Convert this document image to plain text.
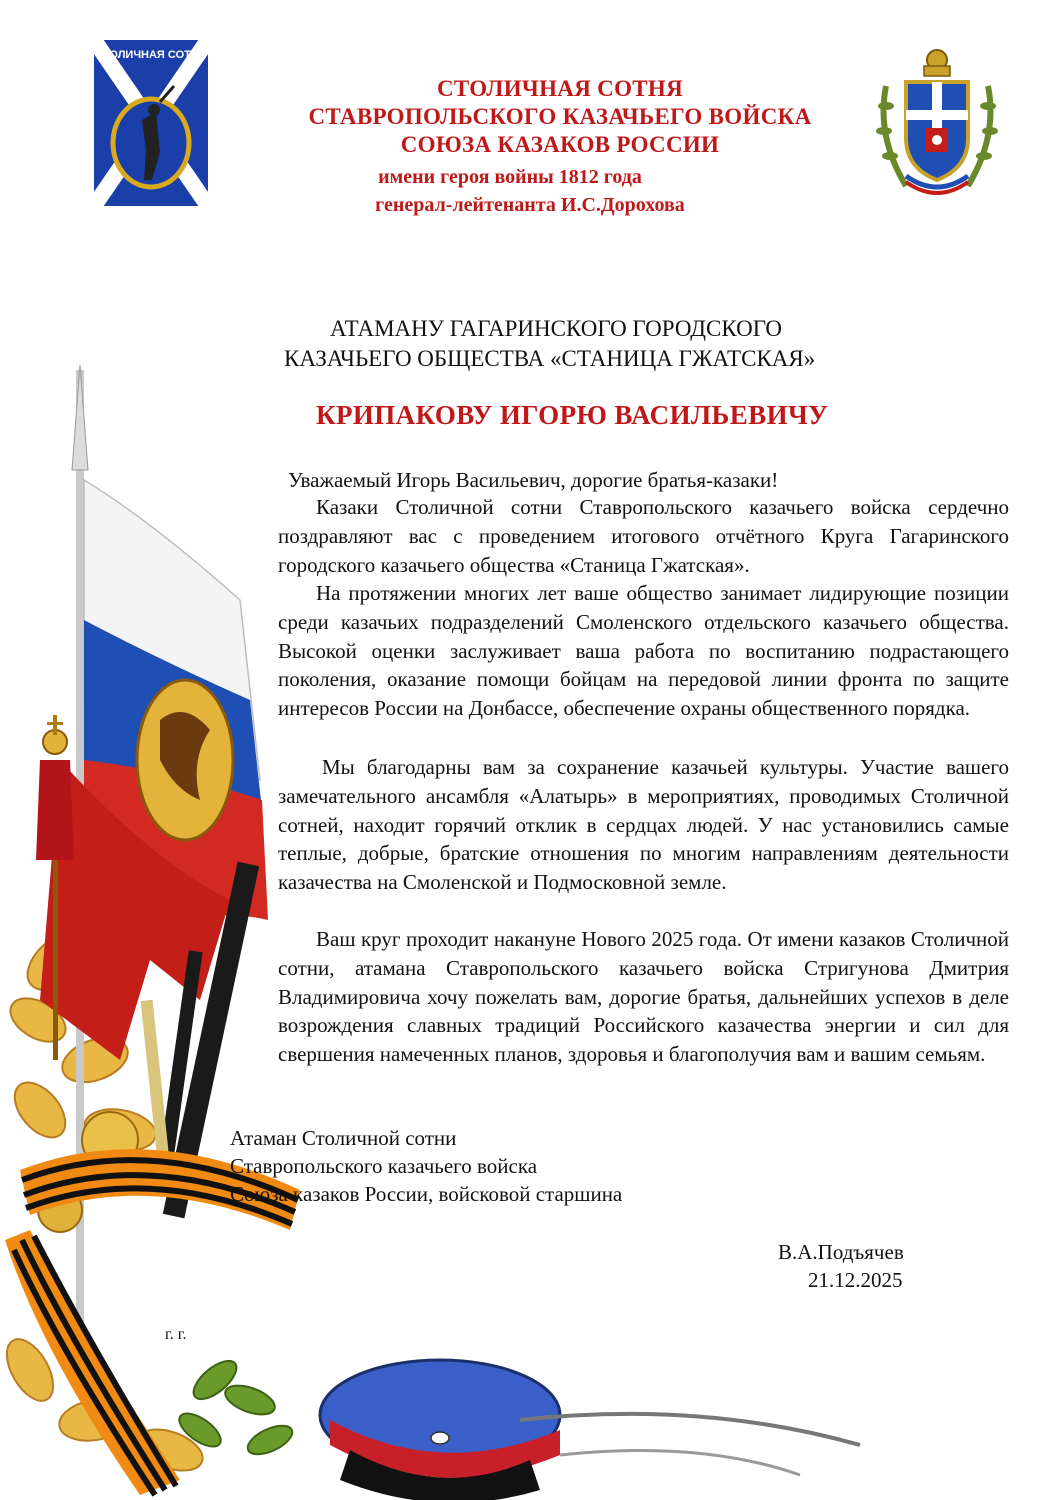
СТОЛИЧНАЯ СОТНЯ
СТОЛИЧНАЯ СОТНЯ
СТАВРОПОЛЬСКОГО КАЗАЧЬЕГО ВОЙСКА
СОЮЗА КАЗАКОВ РОССИИ
имени героя войны 1812 года
генерал-лейтенанта И.С.Дорохова
АТАМАНУ ГАГАРИНСКОГО ГОРОДСКОГО
КАЗАЧЬЕГО ОБЩЕСТВА «СТАНИЦА ГЖАТСКАЯ»
КРИПАКОВУ ИГОРЮ ВАСИЛЬЕВИЧУ
Уважаемый Игорь Васильевич, дорогие братья-казаки!
Казаки Столичной сотни Ставропольского казачьего войска сердечно поздравляют вас с проведением итогового отчётного Круга Гагаринского городского казачьего общества «Станица Гжатская».
На протяжении многих лет ваше общество занимает лидирующие позиции среди казачьих подразделений Смоленского отдельского казачьего общества. Высокой оценки заслуживает ваша работа по воспитанию подрастающего поколения, оказание помощи бойцам на передовой линии фронта по защите интересов России на Донбассе, обеспечение охраны общественного порядка.
Мы благодарны вам за сохранение казачьей культуры. Участие вашего замечательного ансамбля «Алатырь» в мероприятиях, проводимых Столичной сотней, находит горячий отклик в сердцах людей. У нас установились самые теплые, добрые, братские отношения по многим направлениям деятельности казачества на Смоленской и Подмосковной земле.
Ваш круг проходит накануне Нового 2025 года. От имени казаков Столичной сотни, атамана Ставропольского казачьего войска Стригунова Дмитрия Владимировича хочу пожелать вам, дорогие братья, дальнейших успехов в деле возрождения славных традиций Российского казачества энергии и сил для свершения намеченных планов, здоровья и благополучия вам и вашим семьям.
Атаман Столичной сотни
Ставропольского казачьего войска
Союза казаков России, войсковой старшина
В.А.Подъячев
21.12.2025
г. г.
